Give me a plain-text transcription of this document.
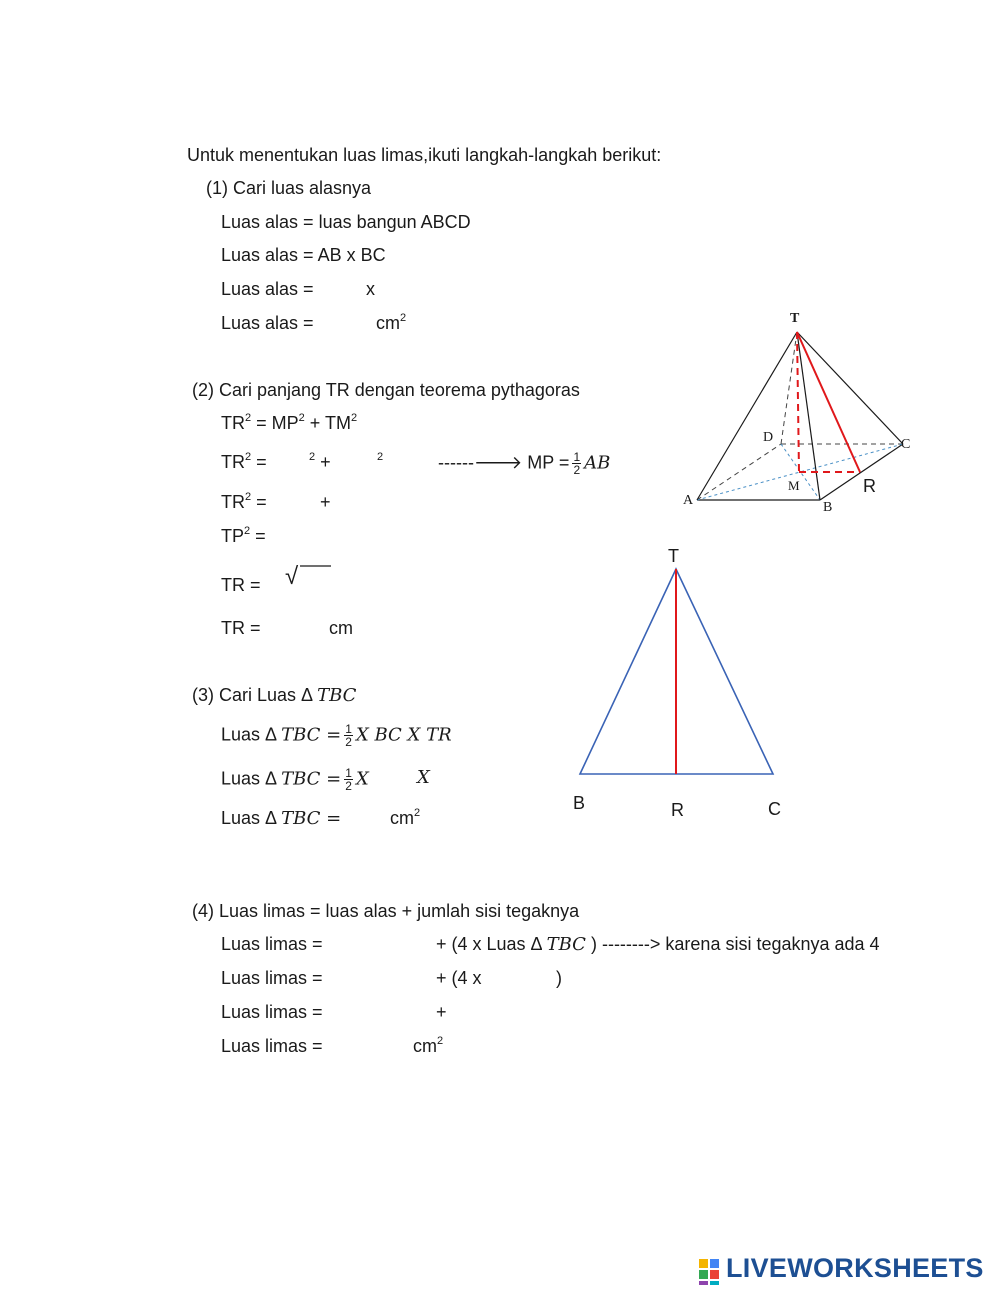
Untuk menentukan luas limas,ikuti langkah-langkah berikut:
(1) Cari luas alasnya
Luas alas = luas bangun ABCD
Luas alas = AB x BC
Luas alas =	x
Luas alas =	$cm^2$
(2) Cari panjang TR dengan teorema pythagoras
$TR^2 = MP^2 + TM^2$
$TR^2$ =	$^2$ +	$^2$	------🡒 MP = $\frac{1}{2}$ AB
$TR^2$ =	+
$TP^2$ =
TR = √
TR =	cm
(3) Cari Luas Δ TBC
Luas Δ TBC = $\frac{1}{2}$ X BC X TR
Luas Δ TBC = $\frac{1}{2}$ X	X
Luas Δ TBC =	$cm^2$
(4) Luas limas = luas alas + jumlah sisi tegaknya
Luas limas =	+ (4 x Luas Δ TBC ) --------> karena sisi tegaknya ada 4
Luas limas =	+ (4 x	)
Luas limas =	+
Luas limas =	$cm^2$
T
D	C
A
M
B
R
T
B	R	C
LIVEWORKSHEETS
